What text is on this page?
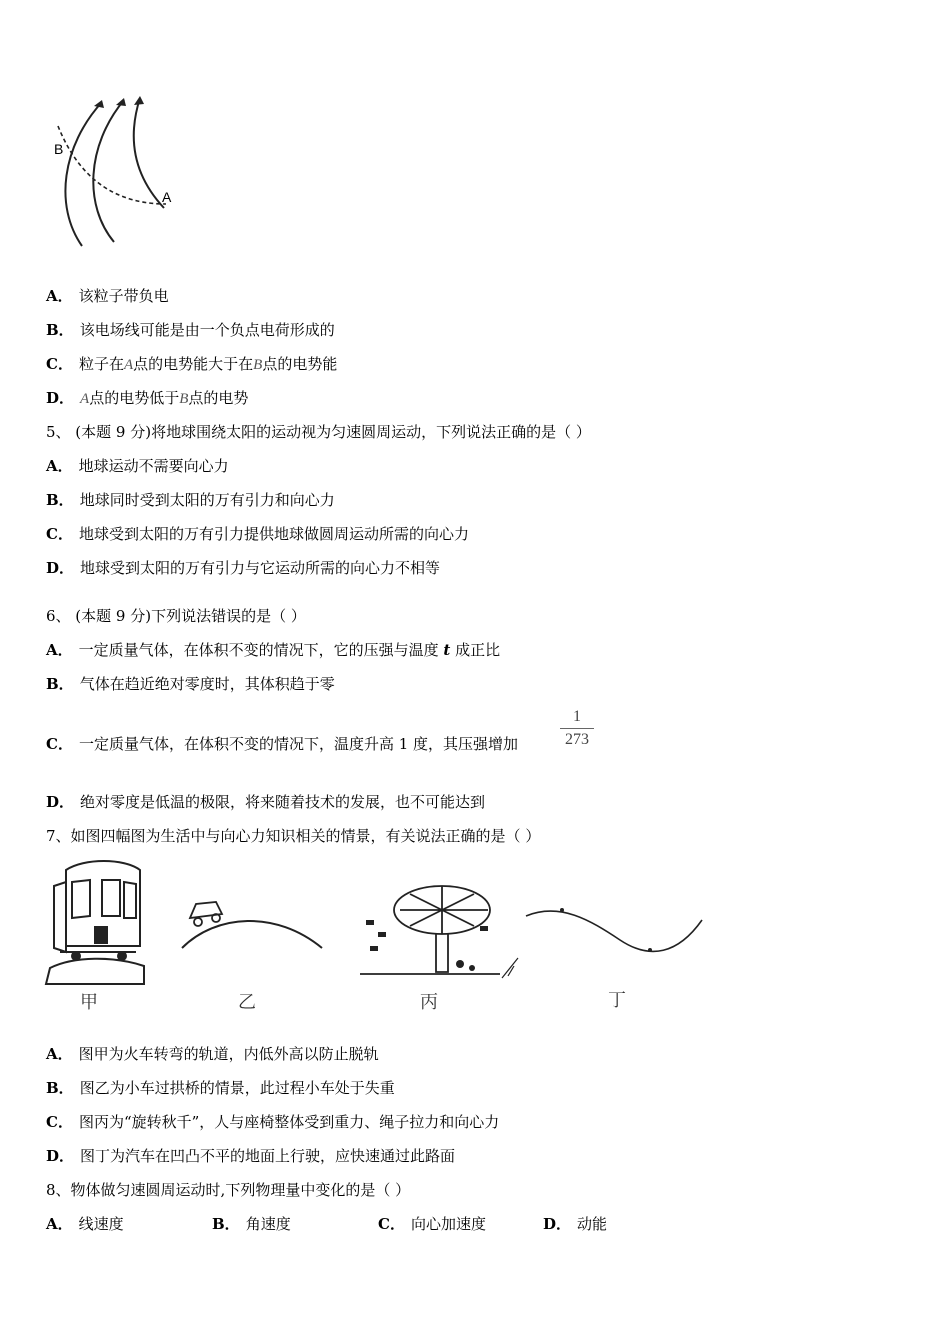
B
A
A． 该粒子带负电
B． 该电场线可能是由一个负点电荷形成的
C． 粒子在A点的电势能大于在B点的电势能
D． A点的电势低于B点的电势
5、 (本题 9 分)将地球围绕太阳的运动视为匀速圆周运动，下列说法正确的是（ ）
A． 地球运动不需要向心力
B． 地球同时受到太阳的万有引力和向心力
C． 地球受到太阳的万有引力提供地球做圆周运动所需的向心力
D． 地球受到太阳的万有引力与它运动所需的向心力不相等
6、 (本题 9 分)下列说法错误的是（ ）
A． 一定质量气体，在体积不变的情况下，它的压强与温度 t 成正比
B． 气体在趋近绝对零度时，其体积趋于零
C． 一定质量气体，在体积不变的情况下，温度升高 1 度，其压强增加
1
273
D． 绝对零度是低温的极限，将来随着技术的发展，也不可能达到
7、如图四幅图为生活中与向心力知识相关的情景，有关说法正确的是（ ）
甲	乙	丙	丁
A． 图甲为火车转弯的轨道，内低外高以防止脱轨
B． 图乙为小车过拱桥的情景，此过程小车处于失重
C． 图丙为“旋转秋千”，人与座椅整体受到重力、绳子拉力和向心力
D． 图丁为汽车在凹凸不平的地面上行驶，应快速通过此路面
8、物体做匀速圆周运动时,下列物理量中变化的是（ ）
A． 线速度	B． 角速度	C． 向心加速度	D． 动能
